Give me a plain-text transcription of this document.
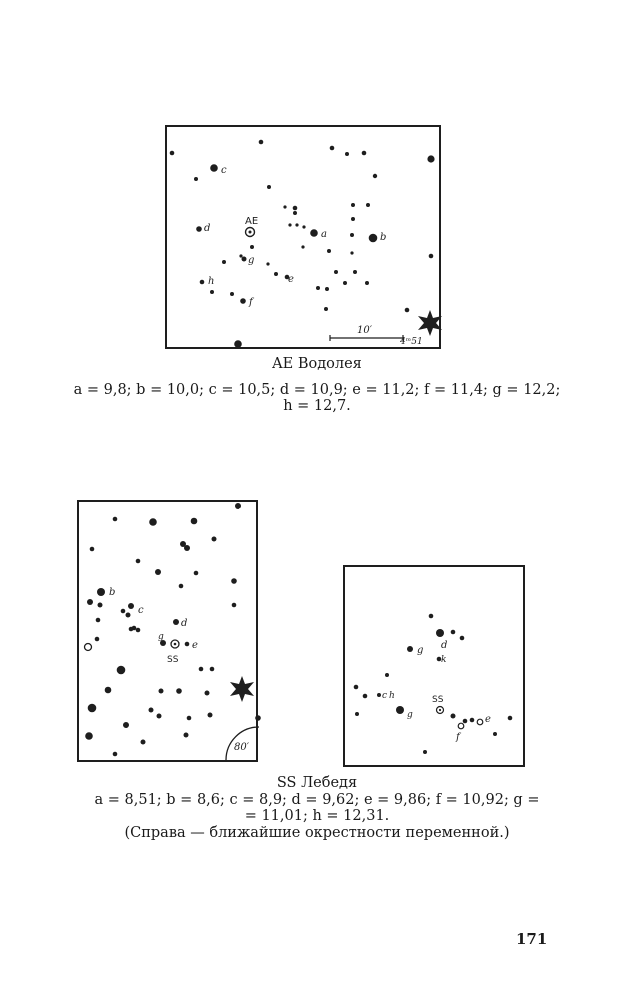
AE
c
d
a	b
g
e
h
f
10′
4ᵐ51
AE Водолея
a = 9,8; b = 10,0; c = 10,5; d = 10,9; e = 11,2; f = 11,4; g = 12,2;
h = 12,7.
SS
b
c
d
e
g
80′
SS
d
g
k
c h
e
f
g
SS Лебедя
a = 8,51; b = 8,6; c = 8,9; d = 9,62; e = 9,86; f = 10,92; g =
= 11,01; h = 12,31.
(Справа — ближайшие окрестности переменной.)
171
